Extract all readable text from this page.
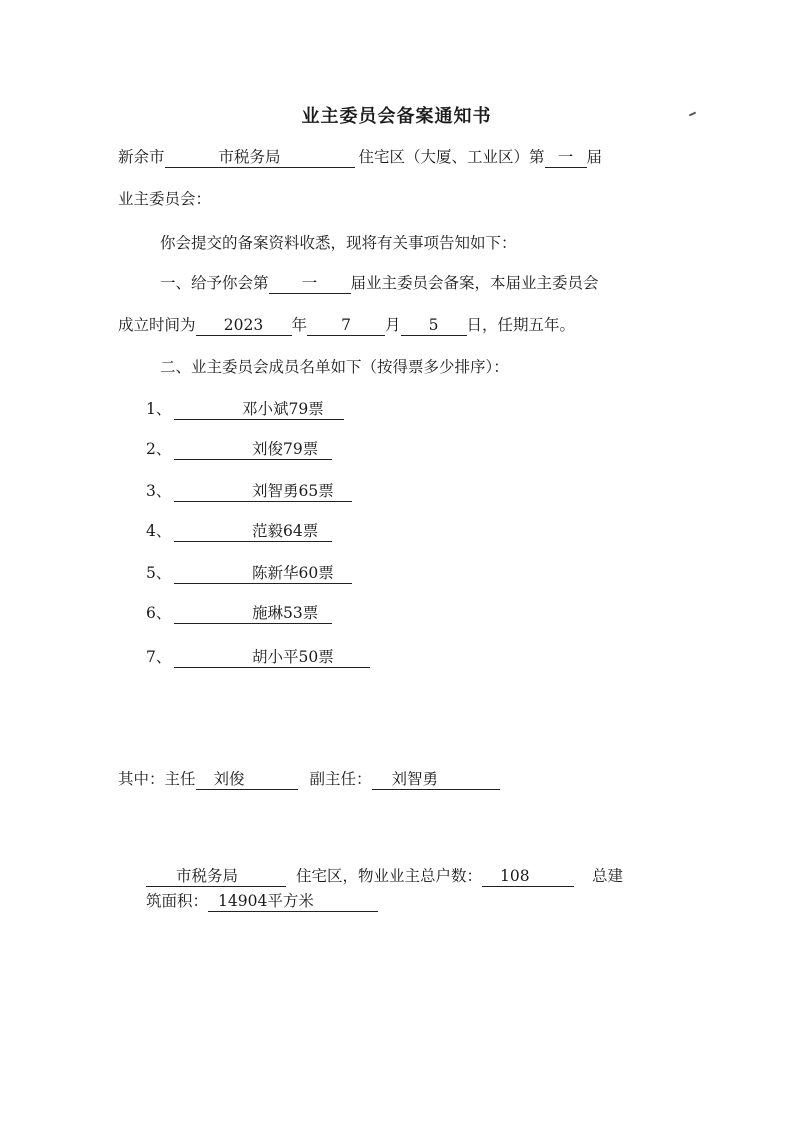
业主委员会备案通知书
新余市	市税务局	住宅区（大厦、工业区）第 一 届
业主委员会：
你会提交的备案资料收悉，现将有关事项告知如下：
一、给予你会第 一 届业主委员会备案，本届业主委员会
成立时间为 2023 年 7 月 5 日，任期五年。
二、业主委员会成员名单如下（按得票多少排序）：
1、	邓小斌79票
2、	刘俊79票
3、	刘智勇65票
4、	范毅64票
5、	陈新华60票
6、	施琳53票
7、	胡小平50票
其中：主任 刘俊	副主任： 刘智勇
市税务局	住宅区，物业业主总户数： 108	总建
筑面积： 14904平方米
